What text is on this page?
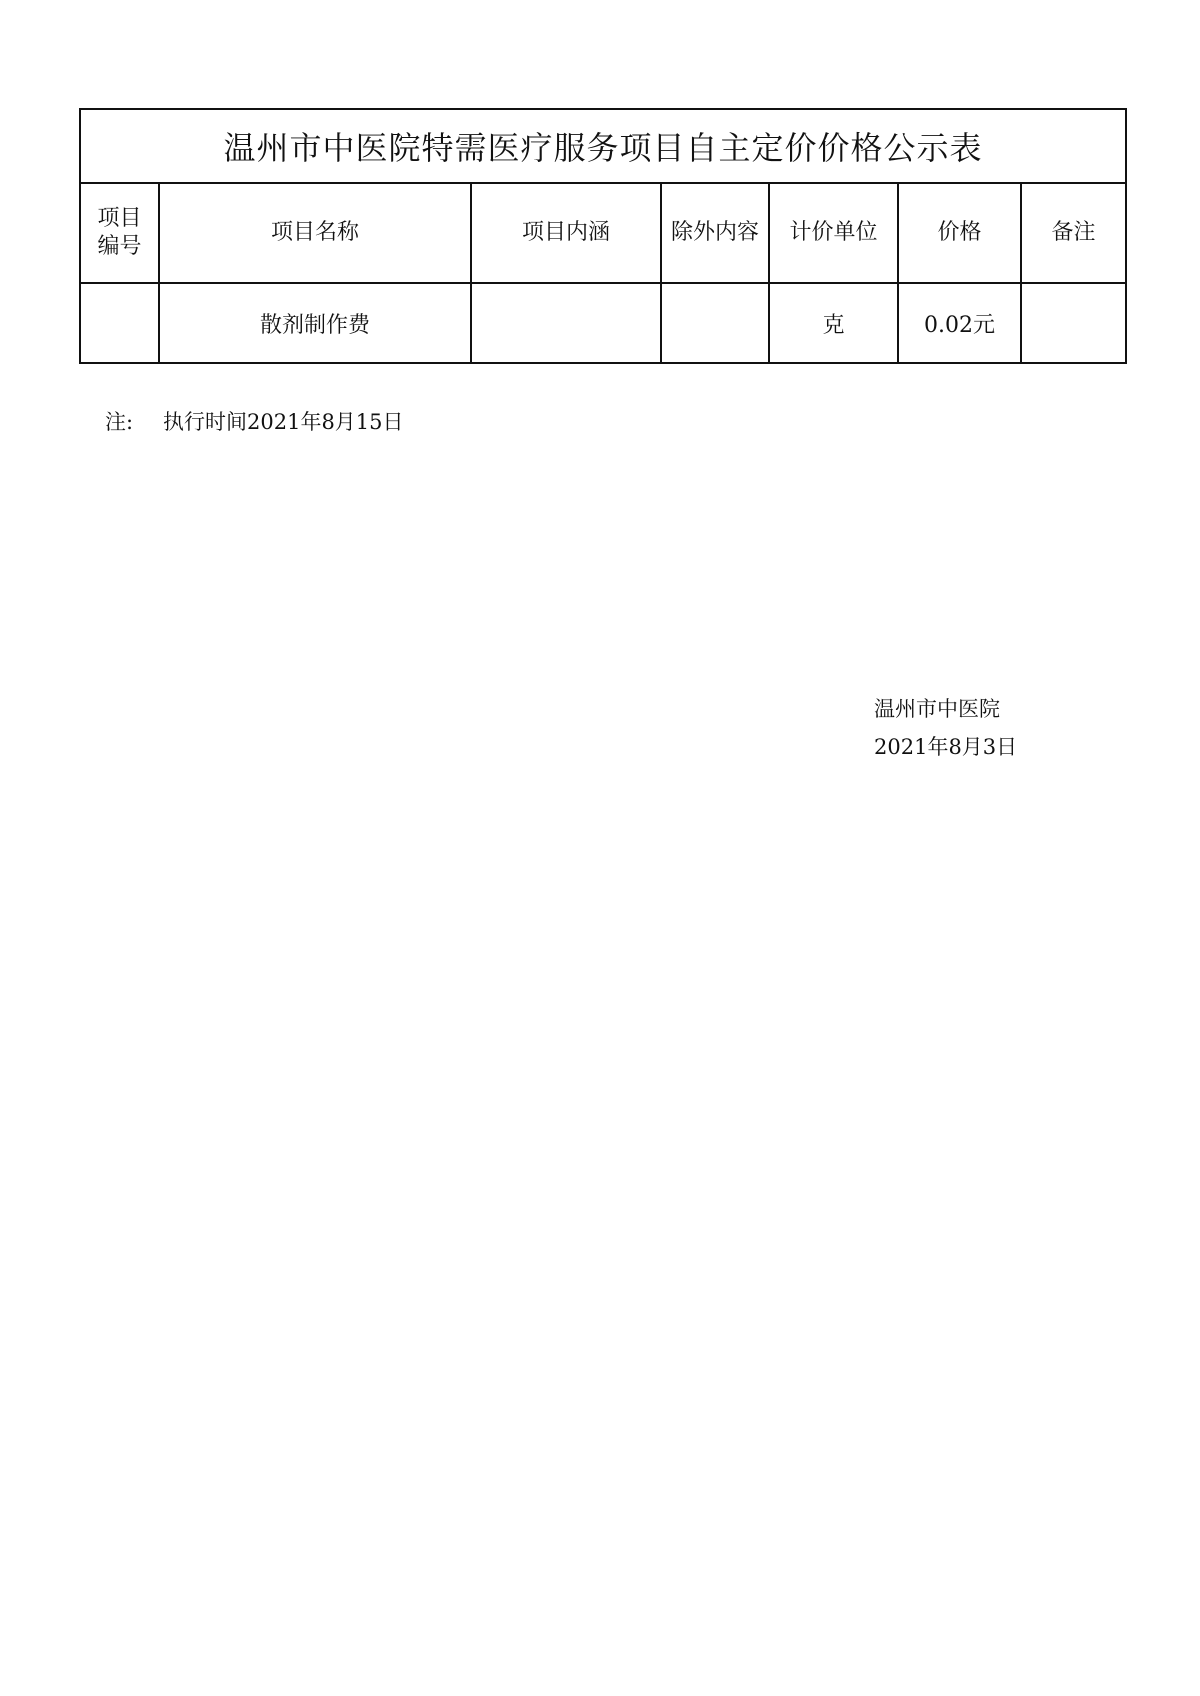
温州市中医院特需医疗服务项目自主定价价格公示表						
项目
编号	项目名称	项目内涵	除外内容	计价单位	价格	备注
	散剂制作费			克	0.02元	
注: 执行时间2021年8月15日
温州市中医院
2021年8月3日
